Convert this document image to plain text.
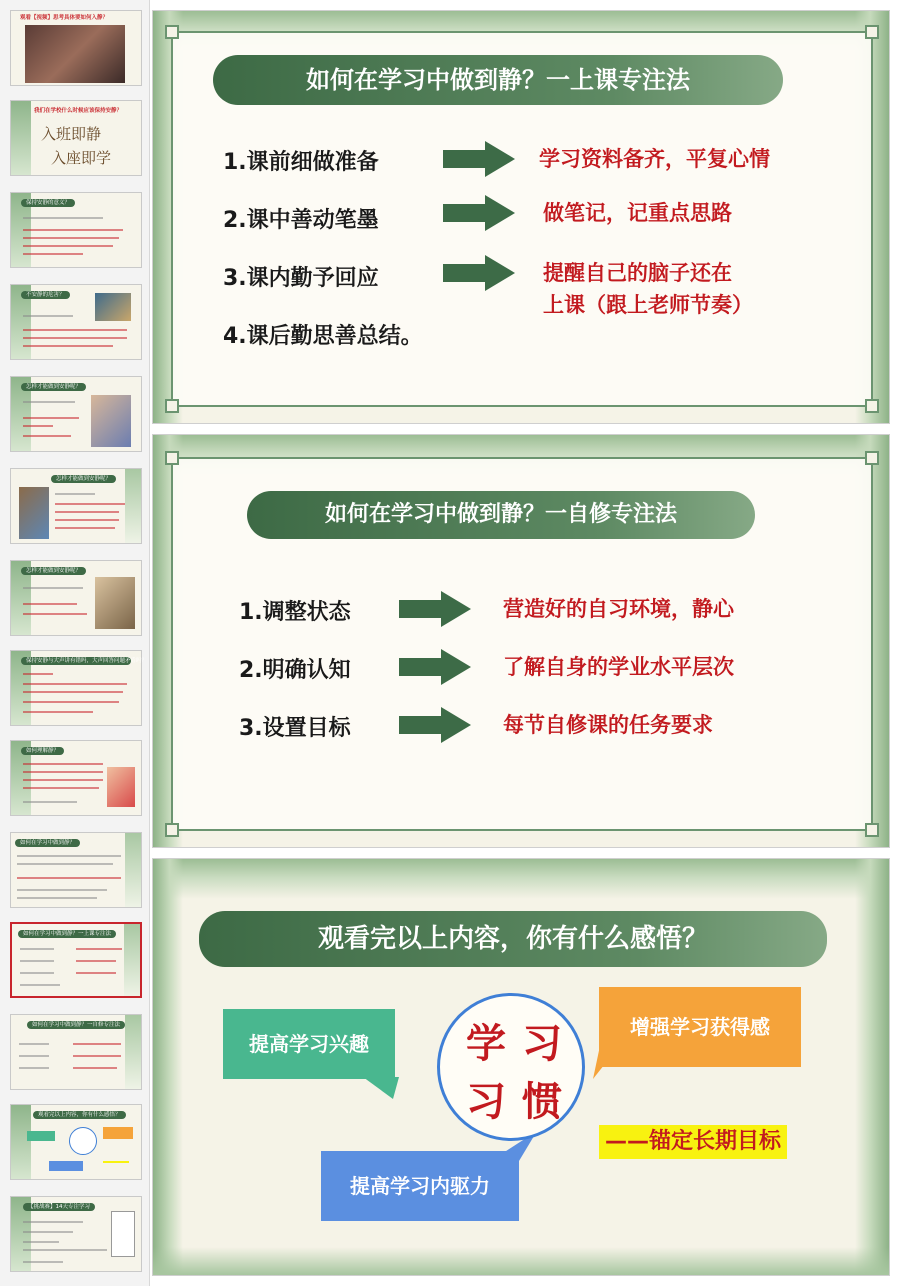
观看【视频】思考具体要如何入静？
我们在学校什么时候应该保持安静？
入班即静
入座即学
保持安静的意义？
不安静的危害？
怎样才能做到安静呢？
怎样才能做到安静呢？
怎样才能做到安静呢？
保持安静与大声讲有错吗，大声回答问题矛盾吗？
如何理解静？
如何在学习中做到静？
如何在学习中做到静？一上课专注法
如何在学习中做到静？一自修专注法
观看完以上内容，你有什么感悟？
【挑战赛】14天专注学习
如何在学习中做到静？一上课专注法
1.课前细做准备
2.课中善动笔墨
3.课内勤予回应
4.课后勤思善总结。
学习资料备齐，平复心情
做笔记，记重点思路
提醒自己的脑子还在
上课（跟上老师节奏）
如何在学习中做到静？一自修专注法
1.调整状态
2.明确认知
3.设置目标
营造好的自习环境，静心
了解自身的学业水平层次
每节自修课的任务要求
观看完以上内容，你有什么感悟？
提高学习兴趣
增强学习获得感
提高学习内驱力
学 习
习 惯
——锚定长期目标
